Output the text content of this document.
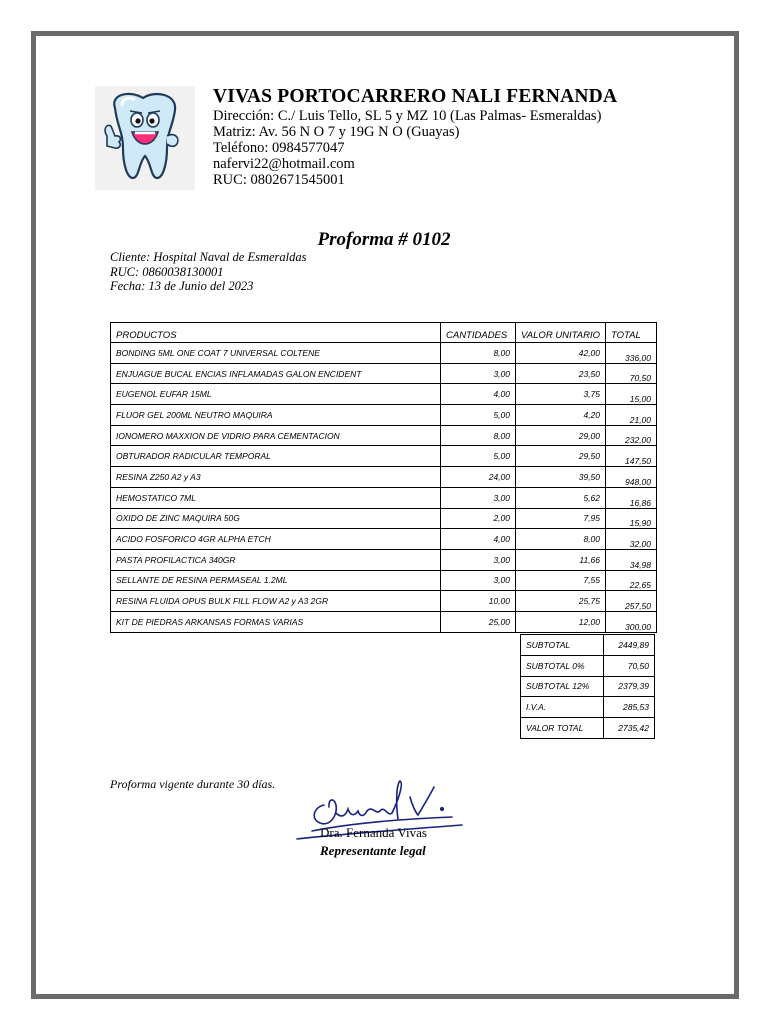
VIVAS PORTOCARRERO NALI FERNANDA
Dirección: C./ Luis Tello, SL 5 y MZ 10 (Las Palmas- Esmeraldas)
Matriz: Av. 56 N O 7 y 19G N O (Guayas)
Teléfono: 0984577047
nafervi22@hotmail.com
RUC: 0802671545001
Proforma # 0102
Cliente: Hospital Naval de Esmeraldas
RUC: 0860038130001
Fecha: 13 de Junio del 2023
PRODUCTOS	CANTIDADES	VALOR UNITARIO	TOTAL
BONDING 5ML ONE COAT 7 UNIVERSAL COLTENE	8,00	42,00	336,00
ENJUAGUE BUCAL ENCIAS INFLAMADAS GALON ENCIDENT	3,00	23,50	70,50
EUGENOL EUFAR 15ML	4,00	3,75	15,00
FLUOR GEL 200ML NEUTRO MAQUIRA	5,00	4,20	21,00
IONOMERO MAXXION DE VIDRIO PARA CEMENTACION	8,00	29,00	232,00
OBTURADOR RADICULAR TEMPORAL	5,00	29,50	147,50
RESINA Z250 A2 y A3	24,00	39,50	948,00
HEMOSTATICO 7ML	3,00	5,62	16,86
OXIDO DE ZINC MAQUIRA 50G	2,00	7,95	15,90
ACIDO FOSFORICO 4GR ALPHA ETCH	4,00	8,00	32,00
PASTA PROFILACTICA 340GR	3,00	11,66	34,98
SELLANTE DE RESINA PERMASEAL 1.2ML	3,00	7,55	22,65
RESINA FLUIDA OPUS BULK FILL FLOW A2 y A3 2GR	10,00	25,75	257,50
KIT DE PIEDRAS ARKANSAS FORMAS VARIAS	25,00	12,00	300,00
SUBTOTAL	2449,89
SUBTOTAL 0%	70,50
SUBTOTAL 12%	2379,39
I.V.A.	285,53
VALOR TOTAL	2735,42
Proforma vigente durante 30 días.
Dra. Fernanda Vivas
Representante legal
